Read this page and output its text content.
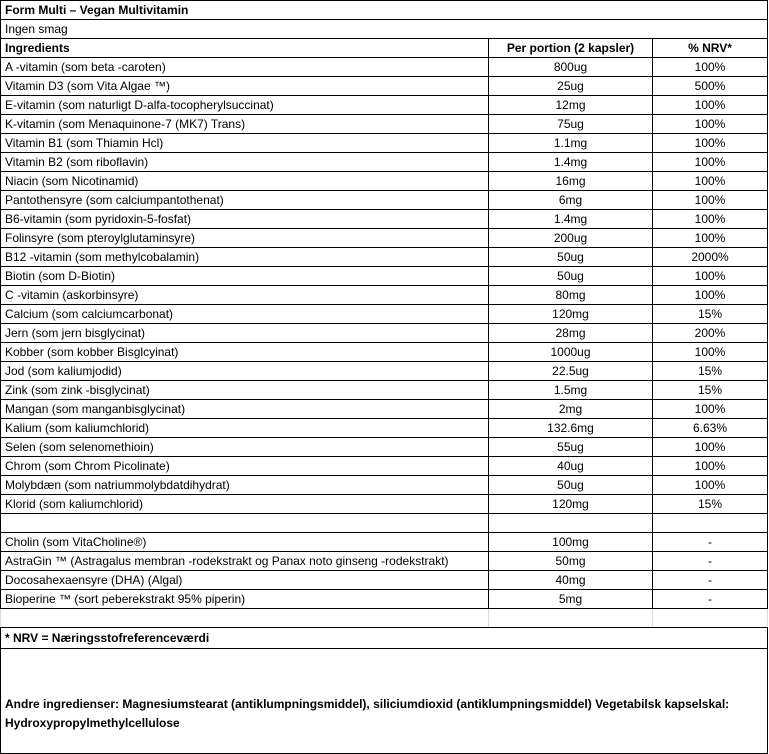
Form Multi – Vegan Multivitamin		
Ingen smag		
Ingredients	Per portion (2 kapsler)	% NRV*
A -vitamin (som beta -caroten)	800ug	100%
Vitamin D3 (som Vita Algae ™)	25ug	500%
E-vitamin (som naturligt D-alfa-tocopherylsuccinat)	12mg	100%
K-vitamin (som Menaquinone-7 (MK7) Trans)	75ug	100%
Vitamin B1 (som Thiamin Hcl)	1.1mg	100%
Vitamin B2 (som riboflavin)	1.4mg	100%
Niacin (som Nicotinamid)	16mg	100%
Pantothensyre (som calciumpantothenat)	6mg	100%
B6-vitamin (som pyridoxin-5-fosfat)	1.4mg	100%
Folinsyre (som pteroylglutaminsyre)	200ug	100%
B12 -vitamin (som methylcobalamin)	50ug	2000%
Biotin (som D-Biotin)	50ug	100%
C -vitamin (askorbinsyre)	80mg	100%
Calcium (som calciumcarbonat)	120mg	15%
Jern (som jern bisglycinat)	28mg	200%
Kobber (som kobber Bisglcyinat)	1000ug	100%
Jod (som kaliumjodid)	22.5ug	15%
Zink (som zink -bisglycinat)	1.5mg	15%
Mangan (som manganbisglycinat)	2mg	100%
Kalium (som kaliumchlorid)	132.6mg	6.63%
Selen (som selenomethioin)	55ug	100%
Chrom (som Chrom Picolinate)	40ug	100%
Molybdæn (som natriummolybdatdihydrat)	50ug	100%
Klorid (som kaliumchlorid)	120mg	15%

Cholin (som VitaCholine®)	100mg	-
AstraGin ™ (Astragalus membran -rodekstrakt og Panax noto ginseng -rodekstrakt)	50mg	-
Docosahexaensyre (DHA) (Algal)	40mg	-
Bioperine ™ (sort peberekstrakt 95% piperin)	5mg	-

* NRV = Næringsstofreferenceværdi		
Andre ingredienser: Magnesiumstearat (antiklumpningsmiddel), siliciumdioxid (antiklumpningsmiddel) Vegetabilsk kapselskal: Hydroxypropylmethylcellulose		
